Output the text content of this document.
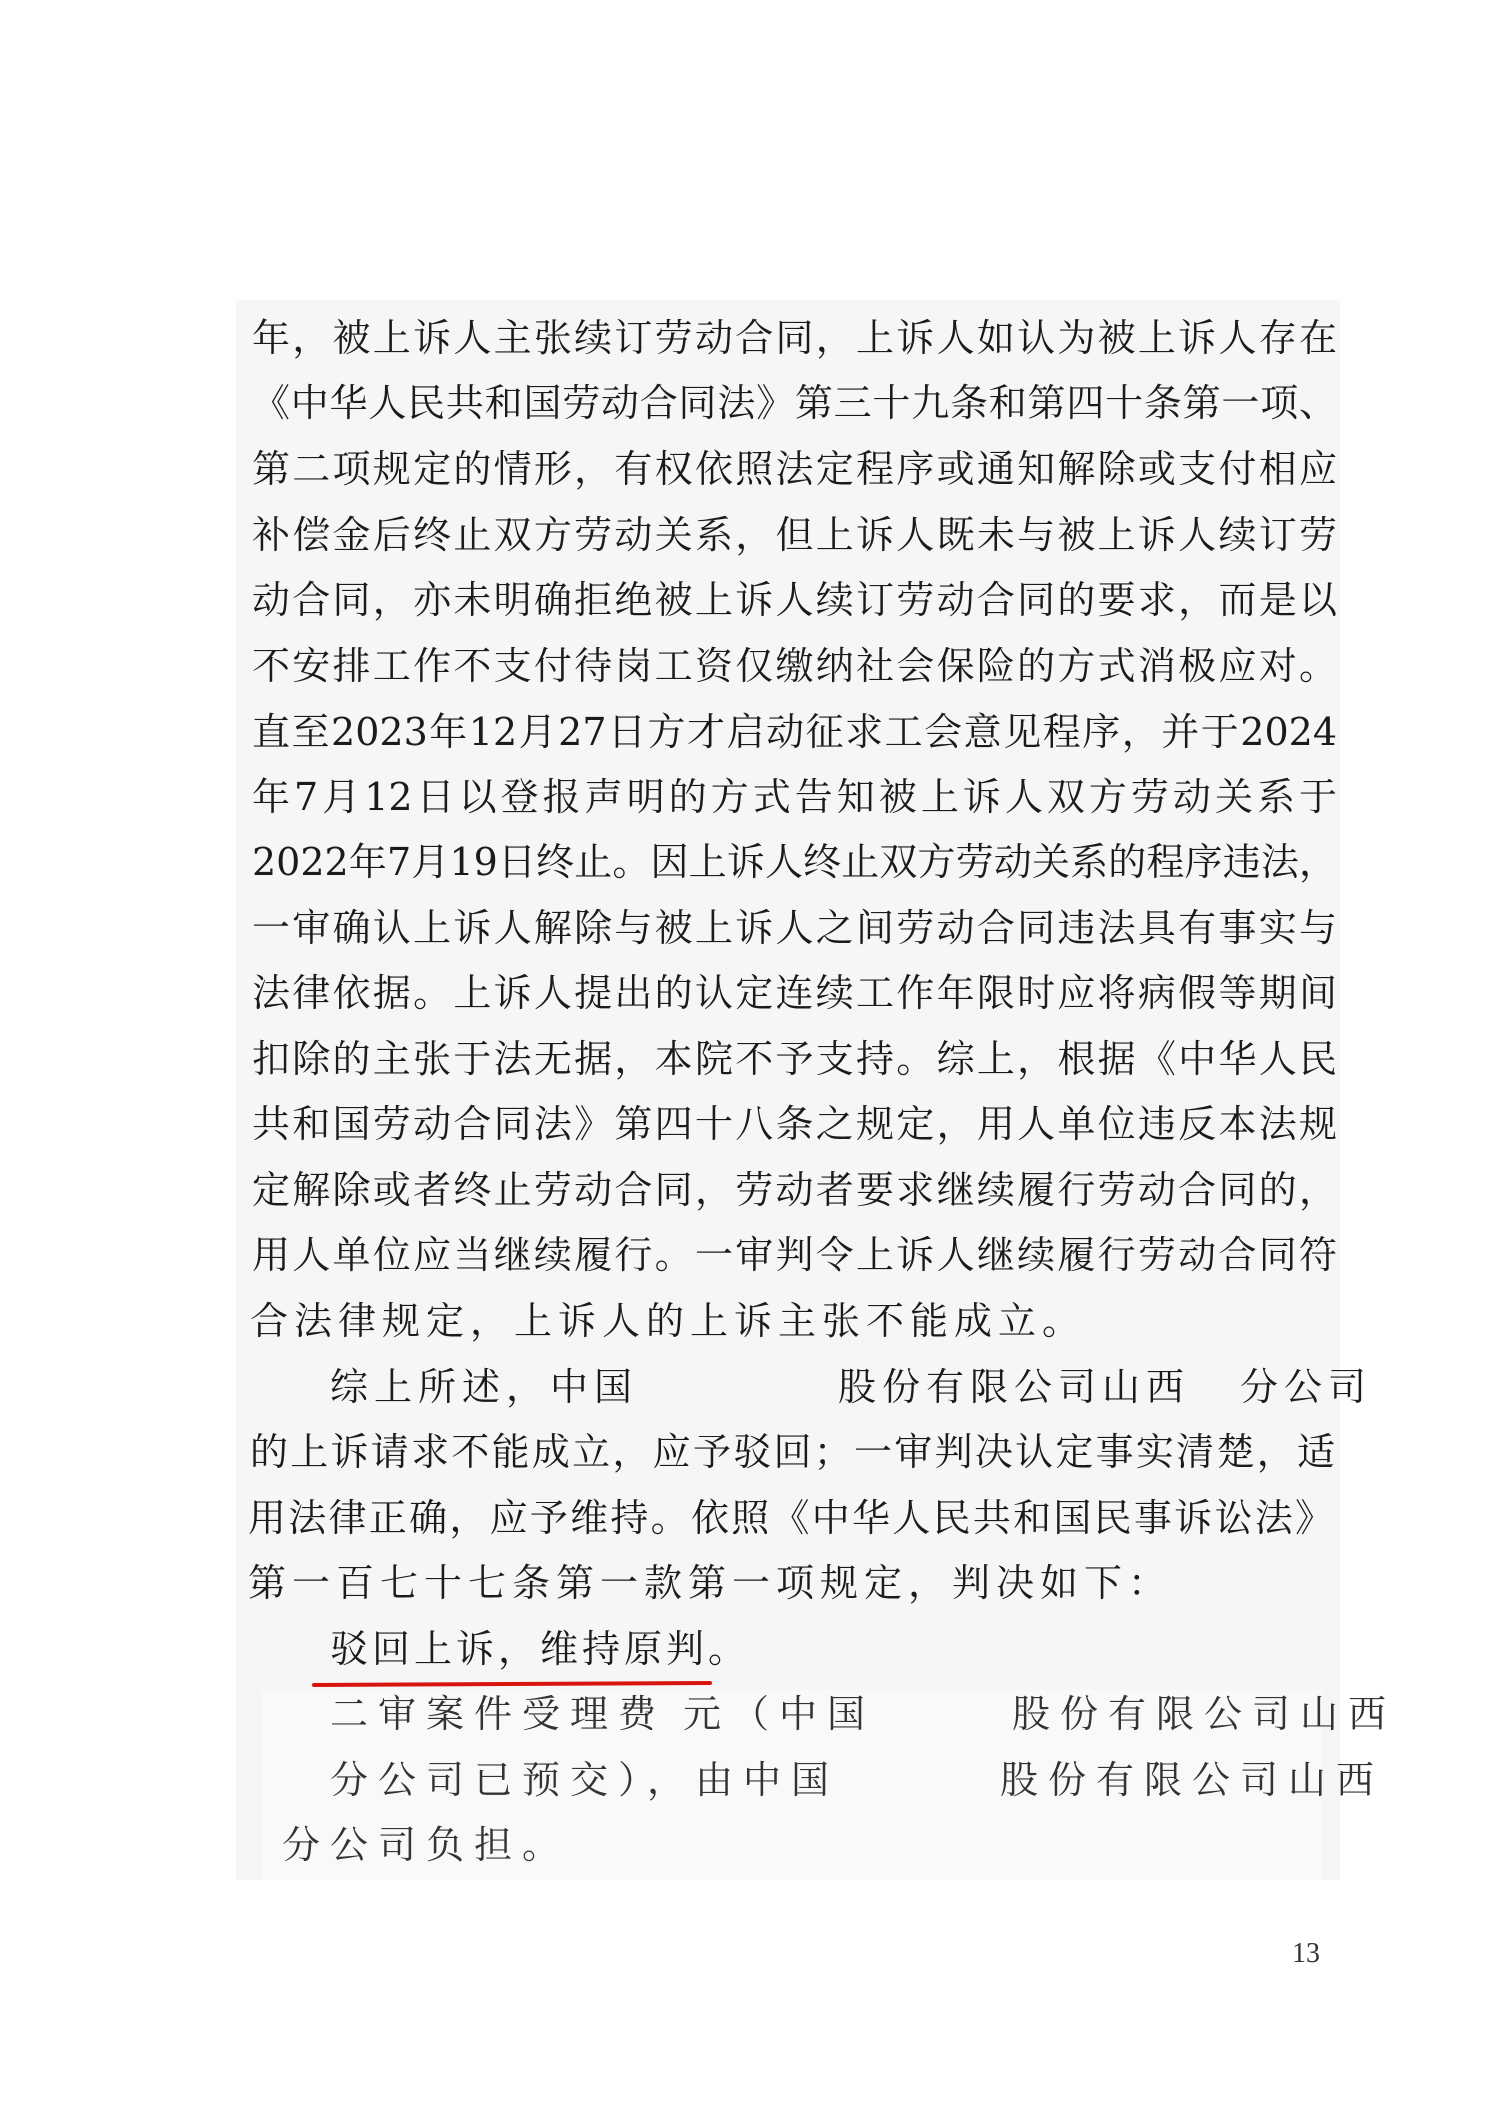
年，被上诉人主张续订劳动合同，上诉人如认为被上诉人存在
《中华人民共和国劳动合同法》第三十九条和第四十条第一项、
第二项规定的情形，有权依照法定程序或通知解除或支付相应
补偿金后终止双方劳动关系，但上诉人既未与被上诉人续订劳
动合同，亦未明确拒绝被上诉人续订劳动合同的要求，而是以
不安排工作不支付待岗工资仅缴纳社会保险的方式消极应对。
直至2023年12月27日方才启动征求工会意见程序，并于2024
年7月12日以登报声明的方式告知被上诉人双方劳动关系于
2022年7月19日终止。因上诉人终止双方劳动关系的程序违法，
一审确认上诉人解除与被上诉人之间劳动合同违法具有事实与
法律依据。上诉人提出的认定连续工作年限时应将病假等期间
扣除的主张于法无据，本院不予支持。综上，根据《中华人民
共和国劳动合同法》第四十八条之规定，用人单位违反本法规
定解除或者终止劳动合同，劳动者要求继续履行劳动合同的，
用人单位应当继续履行。一审判令上诉人继续履行劳动合同符
合法律规定，上诉人的上诉主张不能成立。
综上所述，中国	股份有限公司山西 分公司
的上诉请求不能成立，应予驳回；一审判决认定事实清楚，适
用法律正确，应予维持。依照《中华人民共和国民事诉讼法》
第一百七十七条第一款第一项规定，判决如下：
驳回上诉，维持原判。
二审案件受理费 元（中国	股份有限公司山西
分公司已预交），由中国	股份有限公司山西
分公司负担。
13
